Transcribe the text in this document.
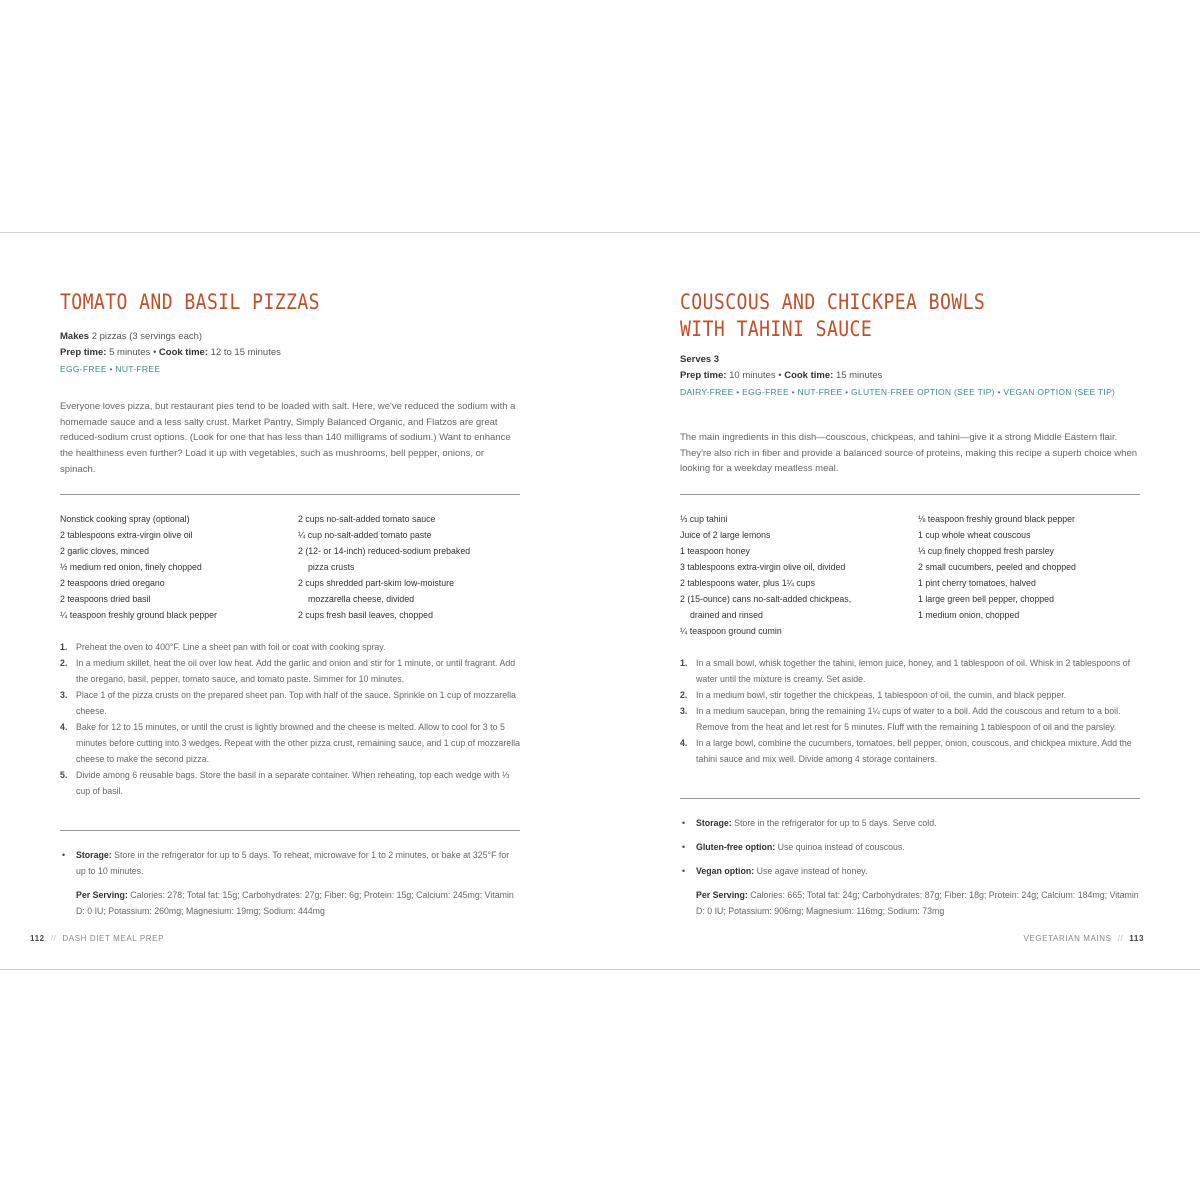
TOMATO AND BASIL PIZZAS
Makes 2 pizzas (3 servings each)
Prep time: 5 minutes • Cook time: 12 to 15 minutes
EGG-FREE • NUT-FREE
Everyone loves pizza, but restaurant pies tend to be loaded with salt. Here, we've reduced the sodium with a homemade sauce and a less salty crust. Market Pantry, Simply Balanced Organic, and Flatzos are great reduced-sodium crust options. (Look for one that has less than 140 milligrams of sodium.) Want to enhance the healthiness even further? Load it up with vegetables, such as mushrooms, bell pepper, onions, or spinach.
Nonstick cooking spray (optional)
2 tablespoons extra-virgin olive oil
2 garlic cloves, minced
½ medium red onion, finely chopped
2 teaspoons dried oregano
2 teaspoons dried basil
¼ teaspoon freshly ground black pepper
2 cups no-salt-added tomato sauce
¼ cup no-salt-added tomato paste
2 (12- or 14-inch) reduced-sodium prebaked
pizza crusts
2 cups shredded part-skim low-moisture
mozzarella cheese, divided
2 cups fresh basil leaves, chopped
1. Preheat the oven to 400°F. Line a sheet pan with foil or coat with cooking spray.
2. In a medium skillet, heat the oil over low heat. Add the garlic and onion and stir for 1 minute, or until fragrant. Add the oregano, basil, pepper, tomato sauce, and tomato paste. Simmer for 10 minutes.
3. Place 1 of the pizza crusts on the prepared sheet pan. Top with half of the sauce. Sprinkle on 1 cup of mozzarella cheese.
4. Bake for 12 to 15 minutes, or until the crust is lightly browned and the cheese is melted. Allow to cool for 3 to 5 minutes before cutting into 3 wedges. Repeat with the other pizza crust, remaining sauce, and 1 cup of mozzarella cheese to make the second pizza.
5. Divide among 6 reusable bags. Store the basil in a separate container. When reheating, top each wedge with ⅓ cup of basil.
• Storage: Store in the refrigerator for up to 5 days. To reheat, microwave for 1 to 2 minutes, or bake at 325°F for up to 10 minutes.
Per Serving: Calories: 278; Total fat: 15g; Carbohydrates: 27g; Fiber: 6g; Protein: 15g; Calcium: 245mg; Vitamin D: 0 IU; Potassium: 260mg; Magnesium: 19mg; Sodium: 444mg
112 // DASH DIET MEAL PREP
COUSCOUS AND CHICKPEA BOWLS
WITH TAHINI SAUCE
Serves 3
Prep time: 10 minutes • Cook time: 15 minutes
DAIRY-FREE • EGG-FREE • NUT-FREE • GLUTEN-FREE OPTION (SEE TIP) • VEGAN OPTION (SEE TIP)
The main ingredients in this dish—couscous, chickpeas, and tahini—give it a strong Middle Eastern flair. They're also rich in fiber and provide a balanced source of proteins, making this recipe a superb choice when looking for a weekday meatless meal.
⅓ cup tahini
Juice of 2 large lemons
1 teaspoon honey
3 tablespoons extra-virgin olive oil, divided
2 tablespoons water, plus 1¼ cups
2 (15-ounce) cans no-salt-added chickpeas,
drained and rinsed
¼ teaspoon ground cumin
⅛ teaspoon freshly ground black pepper
1 cup whole wheat couscous
⅓ cup finely chopped fresh parsley
2 small cucumbers, peeled and chopped
1 pint cherry tomatoes, halved
1 large green bell pepper, chopped
1 medium onion, chopped
1. In a small bowl, whisk together the tahini, lemon juice, honey, and 1 tablespoon of oil. Whisk in 2 tablespoons of water until the mixture is creamy. Set aside.
2. In a medium bowl, stir together the chickpeas, 1 tablespoon of oil, the cumin, and black pepper.
3. In a medium saucepan, bring the remaining 1¼ cups of water to a boil. Add the couscous and return to a boil. Remove from the heat and let rest for 5 minutes. Fluff with the remaining 1 tablespoon of oil and the parsley.
4. In a large bowl, combine the cucumbers, tomatoes, bell pepper, onion, couscous, and chickpea mixture. Add the tahini sauce and mix well. Divide among 4 storage containers.
• Storage: Store in the refrigerator for up to 5 days. Serve cold.
• Gluten-free option: Use quinoa instead of couscous.
• Vegan option: Use agave instead of honey.
Per Serving: Calories: 665; Total fat: 24g; Carbohydrates: 87g; Fiber: 18g; Protein: 24g; Calcium: 184mg; Vitamin D: 0 IU; Potassium: 906mg; Magnesium: 116mg; Sodium: 73mg
VEGETARIAN MAINS // 113
